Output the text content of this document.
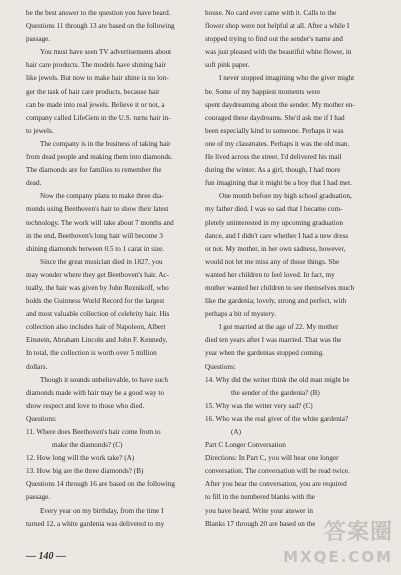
be the best answer to the question you have heard.
Questions 11 through 13 are based on the following
passage.
You must have seen TV advertisements about
hair care products. The models have shining hair
like jewels. But now to make hair shine is no lon-
ger the task of hair care products, because hair
can be made into real jewels. Believe it or not, a
company called LifeGem in the U.S. turns hair in-
to jewels.
The company is in the business of taking hair
from dead people and making them into diamonds.
The diamonds are for families to remember the
dead.
Now the company plans to make three dia-
monds using Beethoven's hair to show their latest
technology. The work will take about 7 months and
in the end, Beethoven's long hair will become 3
shining diamonds between 0.5 to 1 carat in size.
Since the great musician died in 1827, you
may wonder where they get Beethoven's hair. Ac-
tually, the hair was given by John Reznikoff, who
holds the Guinness World Record for the largest
and most valuable collection of celebrity hair. His
collection also includes hair of Napoleon, Albert
Einstein, Abraham Lincoln and John F. Kennedy.
In total, the collection is worth over 5 million
dollars.
Though it sounds unbelievable, to have such
diamonds made with hair may be a good way to
show respect and love to those who died.
Questions:
11. Where does Beethoven's hair come from to
make the diamonds? (C)
12. How long will the work take? (A)
13. How big are the three diamonds? (B)
Questions 14 through 16 are based on the following
passage.
Every year on my birthday, from the time I
turned 12, a white gardenia was delivered to my
house. No card ever came with it. Calls to the
flower shop were not helpful at all. After a while I
stopped trying to find out the sender's name and
was just pleased with the beautiful white flower, in
soft pink paper.
I never stopped imagining who the giver might
be. Some of my happiest moments were
spent daydreaming about the sender. My mother en-
couraged these daydreams. She'd ask me if I had
been especially kind to someone. Perhaps it was
one of my classmates. Perhaps it was the old man.
He lived across the street. I'd delivered his mail
during the winter. As a girl, though, I had more
fun imagining that it might be a boy that I had met.
One month before my high school graduation,
my father died. I was so sad that I became com-
pletely uninterested in my upcoming graduation
dance, and I didn't care whether I had a new dress
or not. My mother, in her own sadness, however,
would not let me miss any of those things. She
wanted her children to feel loved. In fact, my
mother wanted her children to see themselves much
like the gardenia; lovely, strong and perfect, with
perhaps a bit of mystery.
I got married at the age of 22. My mother
died ten years after I was married. That was the
year when the gardenias stopped coming.
Questions:
14. Why did the writer think the old man might be
the sender of the gardenia? (B)
15. Why was the writer very sad? (C)
16. Who was the real giver of the white gardenia?
(A)
Part C Longer Conversation
Directions: In Part C, you will hear one longer
conversation. The conversation will be read twice.
After you hear the conversation, you are required
to fill in the numbered blanks with the
you have heard. Write your answer in
Blanks 17 through 20 are based on the
— 140 —
答案圈
MXQE.COM
